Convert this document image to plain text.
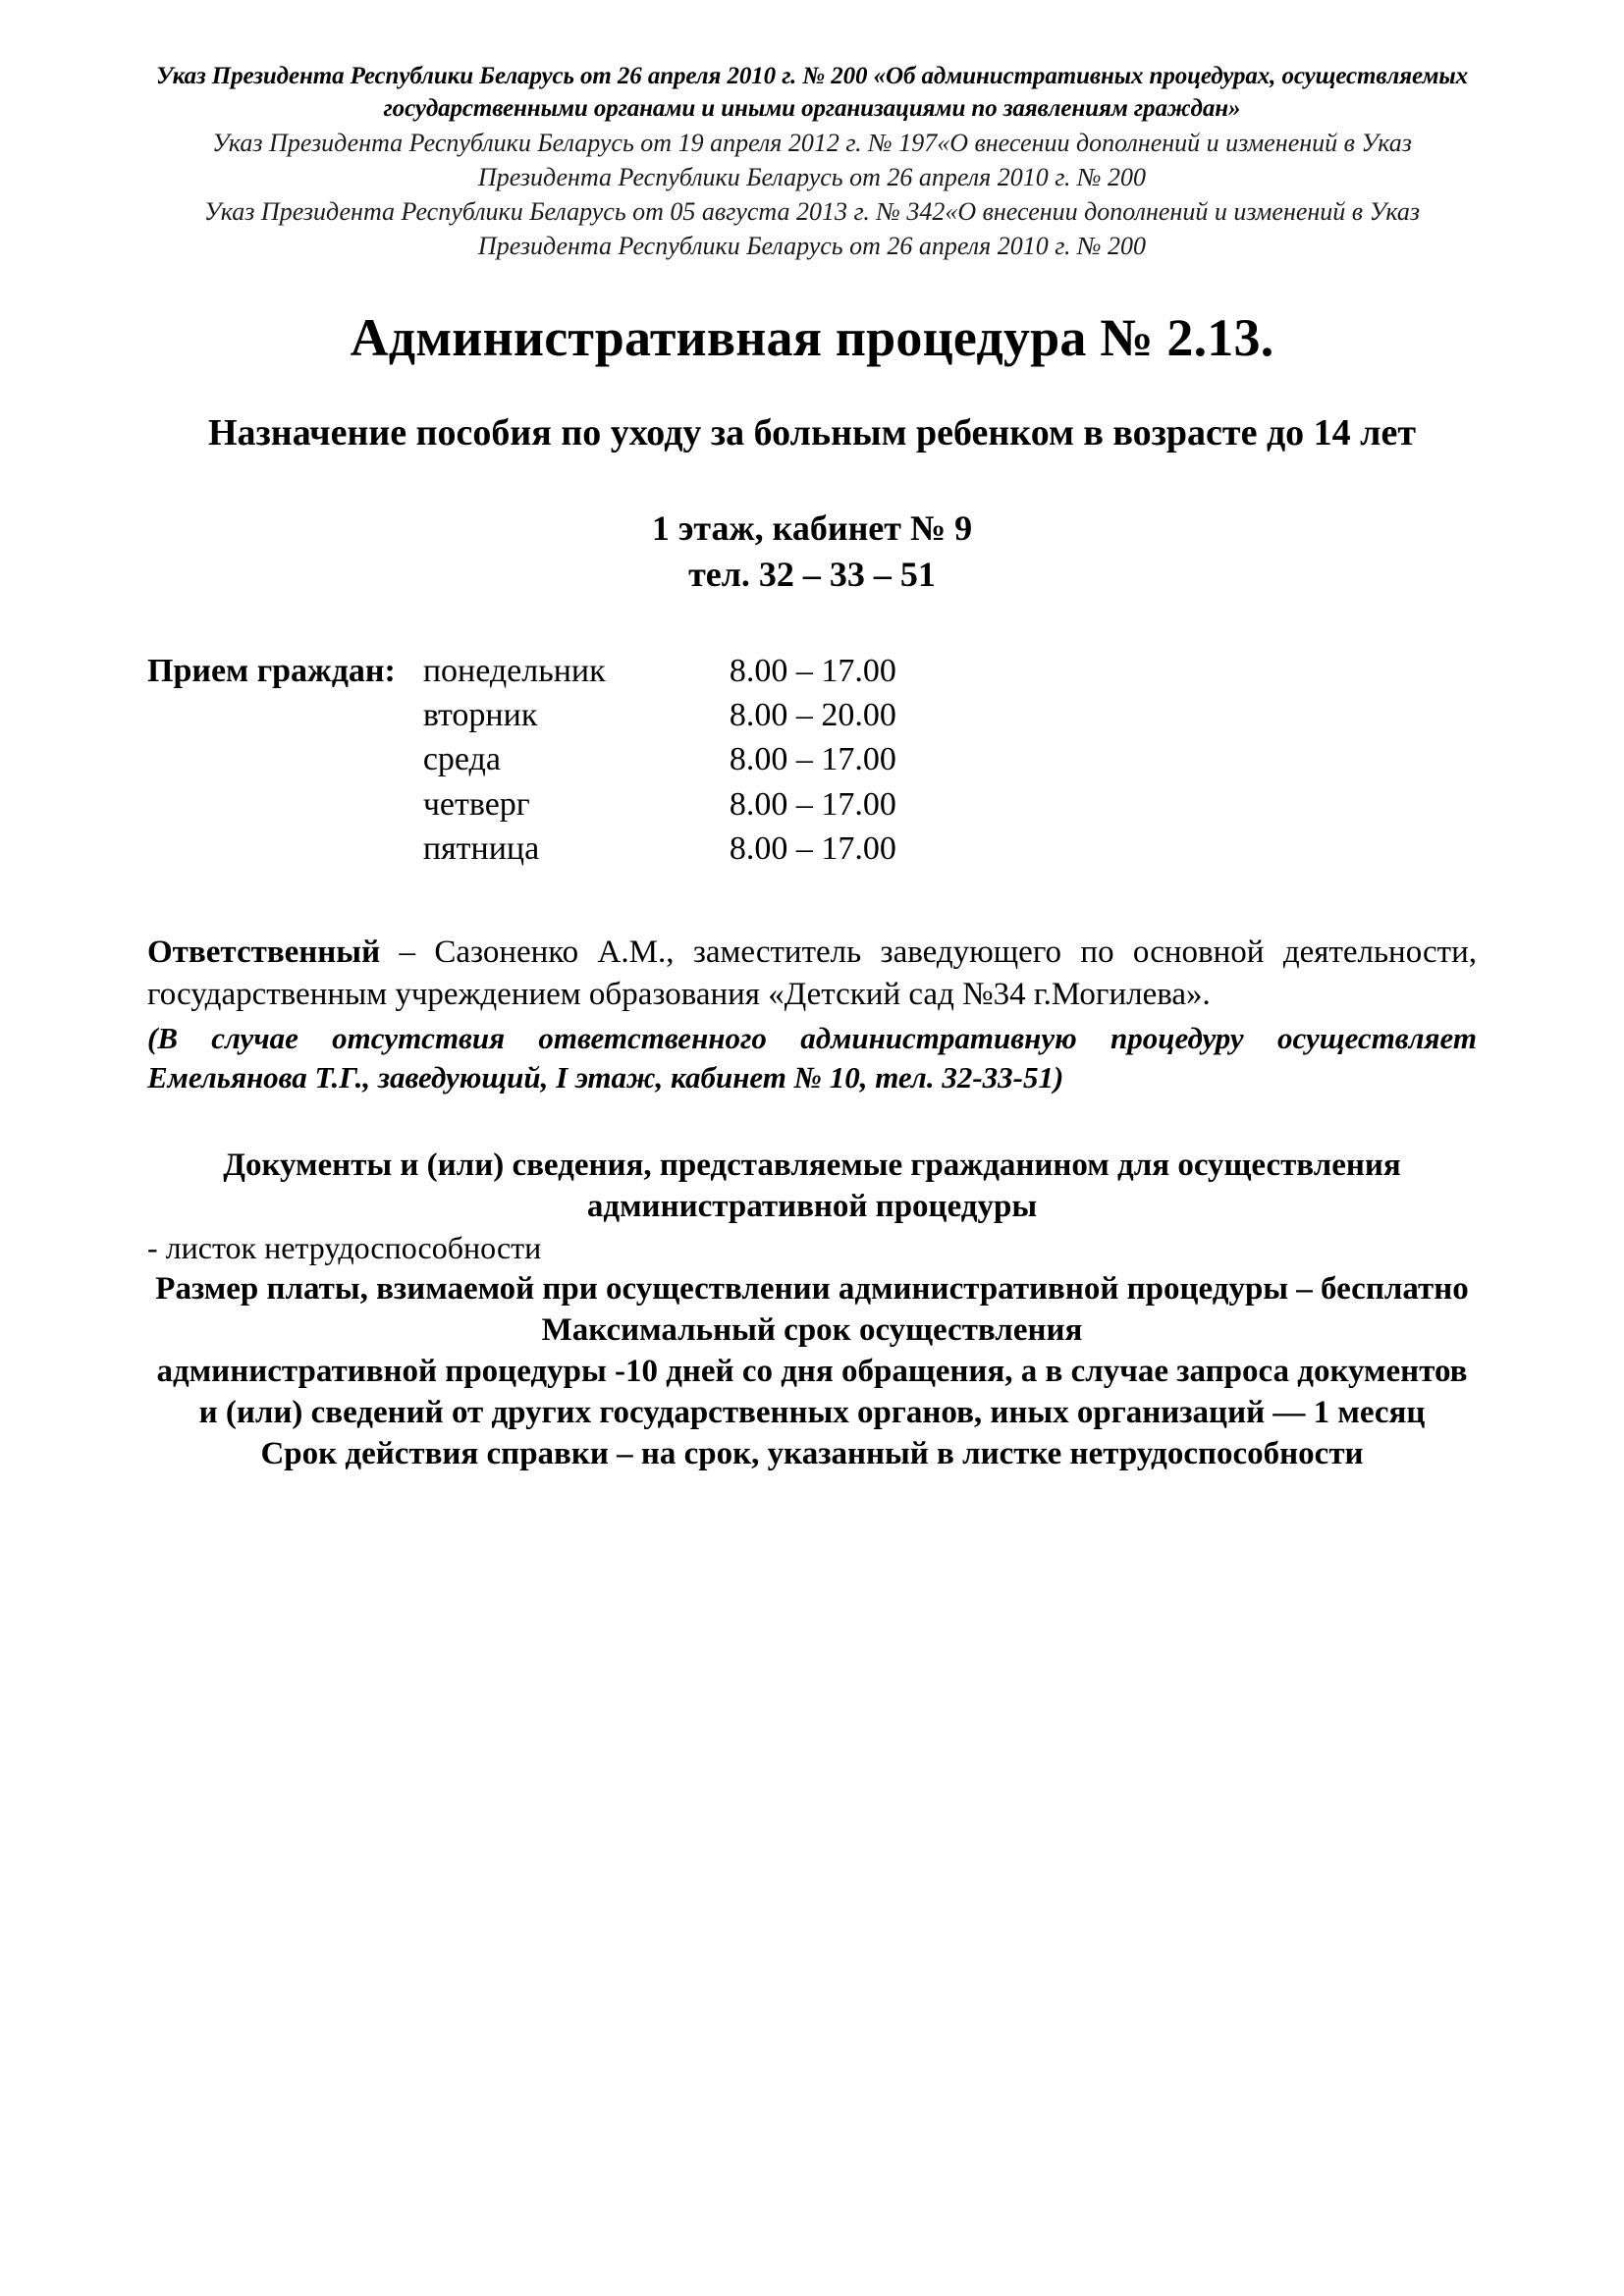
Указ Президента Республики Беларусь от 26 апреля 2010 г. № 200 «Об административных процедурах, осуществляемых государственными органами и иными организациями по заявлениям граждан»

Указ Президента Республики Беларусь от 19 апреля 2012 г. № 197«О внесении дополнений и изменений в Указ Президента Республики Беларусь от 26 апреля 2010 г. № 200

Указ Президента Республики Беларусь от 05 августа 2013 г. № 342«О внесении дополнений и изменений в Указ Президента Республики Беларусь от 26 апреля 2010 г. № 200

Административная процедура № 2.13.
Назначение пособия по уходу за больным ребенком в возрасте до 14 лет
1 этаж, кабинет № 9
тел. 32 – 33 – 51
Прием граждан:	понедельник	8.00 – 17.00
	вторник	8.00 – 20.00
	среда	8.00 – 17.00
	четверг	8.00 – 17.00
	пятница	8.00 – 17.00

Ответственный – Сазоненко А.М., заместитель заведующего по основной деятельности, государственным учреждением образования «Детский сад №34 г.Могилева».

(В случае отсутствия ответственного административную процедуру осуществляет Емельянова Т.Г., заведующий, I этаж, кабинет № 10, тел. 32-33-51)

Документы и (или) сведения, представляемые гражданином для осуществления административной процедуры

- листок нетрудоспособности

Размер платы, взимаемой при осуществлении административной процедуры – бесплатно

Максимальный срок осуществления

административной процедуры -10 дней со дня обращения, а в случае запроса документов и (или) сведений от других государственных органов, иных организаций — 1 месяц

Срок действия справки – на срок, указанный в листке нетрудоспособности
